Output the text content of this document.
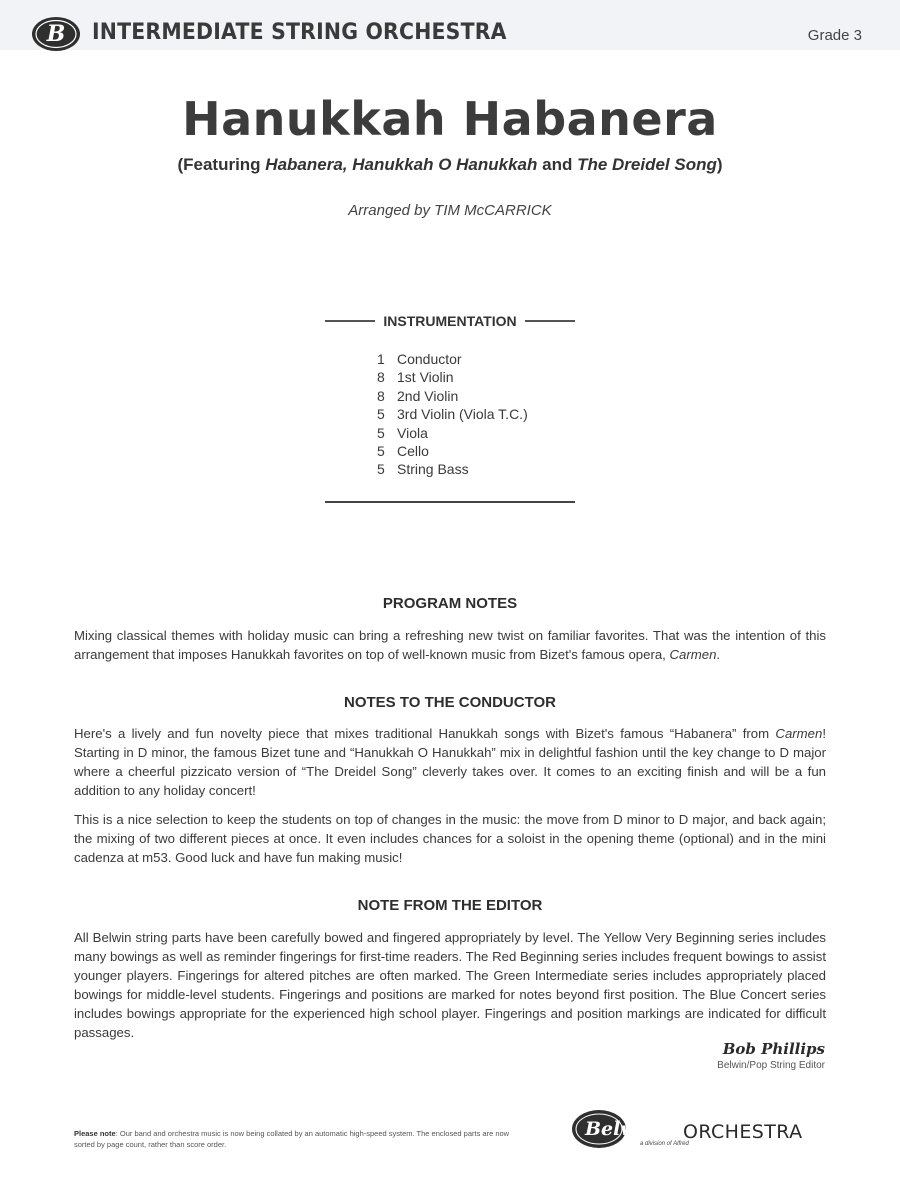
B INTERMEDIATE STRING ORCHESTRA	Grade 3
Hanukkah Habanera
(Featuring Habanera, Hanukkah O Hanukkah and The Dreidel Song)
Arranged by TIM McCARRICK
INSTRUMENTATION
1 Conductor
8 1st Violin
8 2nd Violin
5 3rd Violin (Viola T.C.)
5 Viola
5 Cello
5 String Bass
PROGRAM NOTES

Mixing classical themes with holiday music can bring a refreshing new twist on familiar favorites. That was the intention of this arrangement that imposes Hanukkah favorites on top of well-known music from Bizet's famous opera, Carmen.

NOTES TO THE CONDUCTOR

Here's a lively and fun novelty piece that mixes traditional Hanukkah songs with Bizet's famous “Habanera” from Carmen! Starting in D minor, the famous Bizet tune and “Hanukkah O Hanukkah” mix in delightful fashion until the key change to D major where a cheerful pizzicato version of “The Dreidel Song” cleverly takes over. It comes to an exciting finish and will be a fun addition to any holiday concert!

This is a nice selection to keep the students on top of changes in the music: the move from D minor to D major, and back again; the mixing of two different pieces at once. It even includes chances for a soloist in the opening theme (optional) and in the mini cadenza at m53. Good luck and have fun making music!

NOTE FROM THE EDITOR

All Belwin string parts have been carefully bowed and fingered appropriately by level. The Yellow Very Beginning series includes many bowings as well as reminder fingerings for first-time readers. The Red Beginning series includes frequent bowings to assist younger players. Fingerings for altered pitches are often marked. The Green Intermediate series includes appropriately placed bowings for middle-level students. Fingerings and positions are marked for notes beyond first position. The Blue Concert series includes bowings appropriate for the experienced high school player. Fingerings and position markings are indicated for difficult passages.

Bob Phillips
Belwin/Pop String Editor
Please note: Our band and orchestra music is now being collated by an automatic high-speed system. The enclosed parts are now sorted by page count, rather than score order.
Belwin ORCHESTRA
a division of Alfred
